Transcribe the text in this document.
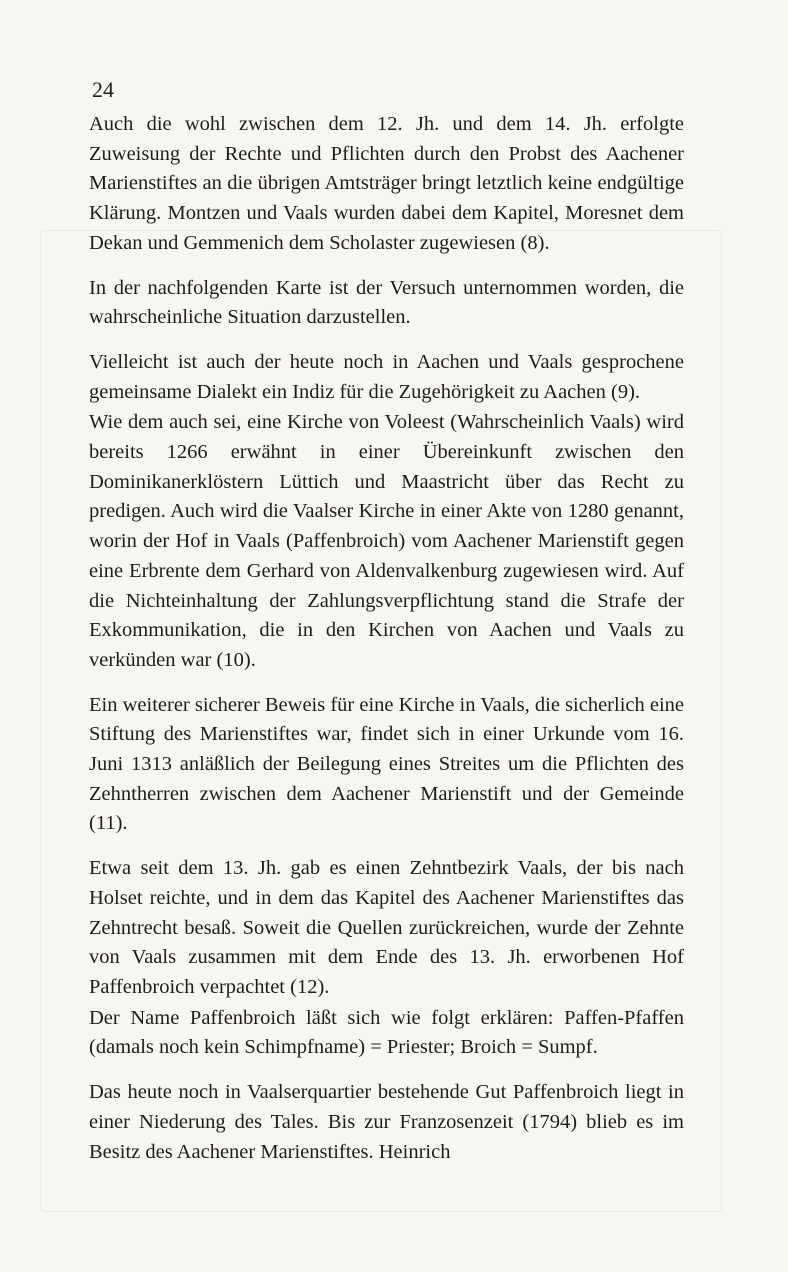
24

Auch die wohl zwischen dem 12. Jh. und dem 14. Jh. erfolgte Zuweisung der Rechte und Pflichten durch den Probst des Aachener Marienstiftes an die übrigen Amtsträger bringt letztlich keine endgültige Klärung. Montzen und Vaals wurden dabei dem Kapitel, Moresnet dem Dekan und Gemmenich dem Scholaster zugewiesen (8).

In der nachfolgenden Karte ist der Versuch unternommen worden, die wahrscheinliche Situation darzustellen.

Vielleicht ist auch der heute noch in Aachen und Vaals gesprochene gemeinsame Dialekt ein Indiz für die Zugehörigkeit zu Aachen (9).

Wie dem auch sei, eine Kirche von Voleest (Wahrscheinlich Vaals) wird bereits 1266 erwähnt in einer Übereinkunft zwischen den Dominikanerklöstern Lüttich und Maastricht über das Recht zu predigen. Auch wird die Vaalser Kirche in einer Akte von 1280 genannt, worin der Hof in Vaals (Paffenbroich) vom Aachener Marienstift gegen eine Erbrente dem Gerhard von Aldenvalkenburg zugewiesen wird. Auf die Nichteinhaltung der Zahlungsverpflichtung stand die Strafe der Exkommunikation, die in den Kirchen von Aachen und Vaals zu verkünden war (10).

Ein weiterer sicherer Beweis für eine Kirche in Vaals, die sicherlich eine Stiftung des Marienstiftes war, findet sich in einer Urkunde vom 16. Juni 1313 anläßlich der Beilegung eines Streites um die Pflichten des Zehntherren zwischen dem Aachener Marienstift und der Gemeinde (11).

Etwa seit dem 13. Jh. gab es einen Zehntbezirk Vaals, der bis nach Holset reichte, und in dem das Kapitel des Aachener Marienstiftes das Zehntrecht besaß. Soweit die Quellen zurückreichen, wurde der Zehnte von Vaals zusammen mit dem Ende des 13. Jh. erworbenen Hof Paffenbroich verpachtet (12).

Der Name Paffenbroich läßt sich wie folgt erklären: Paffen-Pfaffen (damals noch kein Schimpfname) = Priester; Broich = Sumpf.

Das heute noch in Vaalserquartier bestehende Gut Paffenbroich liegt in einer Niederung des Tales. Bis zur Franzosenzeit (1794) blieb es im Besitz des Aachener Marienstiftes. Heinrich
